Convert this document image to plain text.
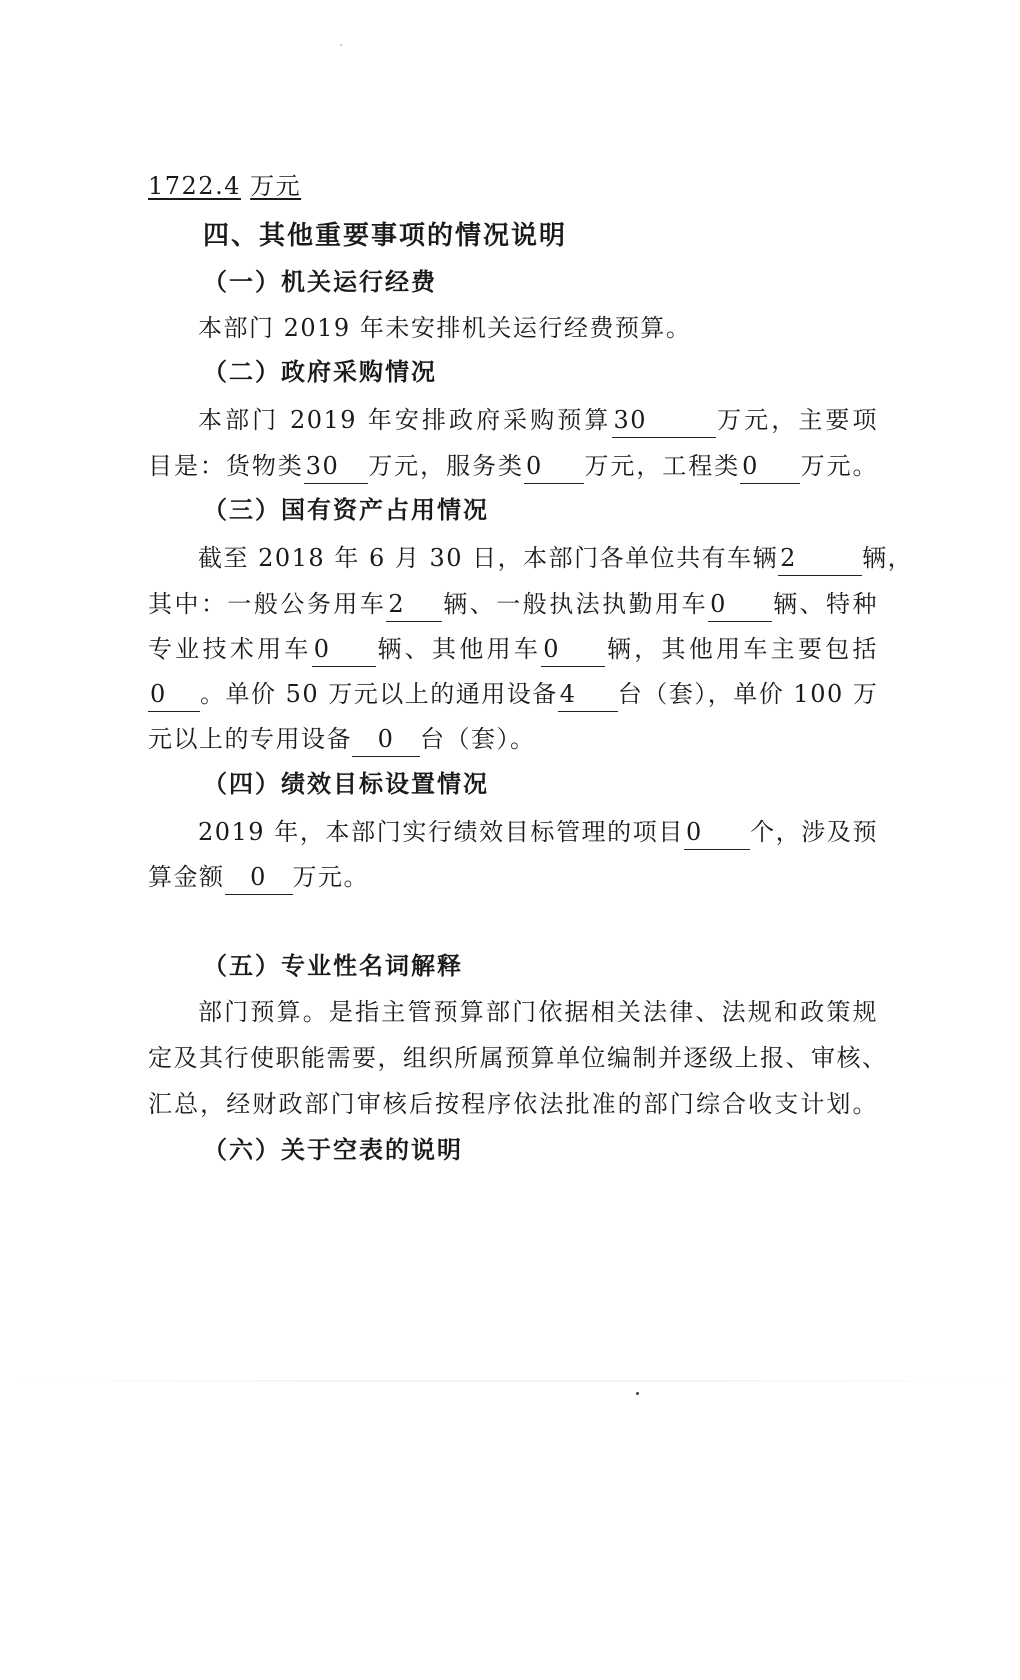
1722.4 万元
四、其他重要事项的情况说明
（一）机关运行经费
本部门 2019 年未安排机关运行经费预算。
（二）政府采购情况
本部门 2019 年安排政府采购预算30	万元，主要项
目是：货物类30 万元，服务类0 万元，工程类0 万元。
（三）国有资产占用情况
截至 2018 年 6 月 30 日，本部门各单位共有车辆2	辆，
其中：一般公务用车2 辆、一般执法执勤用车0 辆、特种
专业技术用车0 辆、其他用车0 辆，其他用车主要包括
0 。单价 50 万元以上的通用设备4 台（套），单价 100 万
元以上的专用设备 0 台（套）。
（四）绩效目标设置情况
2019 年，本部门实行绩效目标管理的项目0 个，涉及预
算金额 0 万元。
（五）专业性名词解释
部门预算。是指主管预算部门依据相关法律、法规和政策规
定及其行使职能需要，组织所属预算单位编制并逐级上报、审核、
汇总，经财政部门审核后按程序依法批准的部门综合收支计划。
（六）关于空表的说明
